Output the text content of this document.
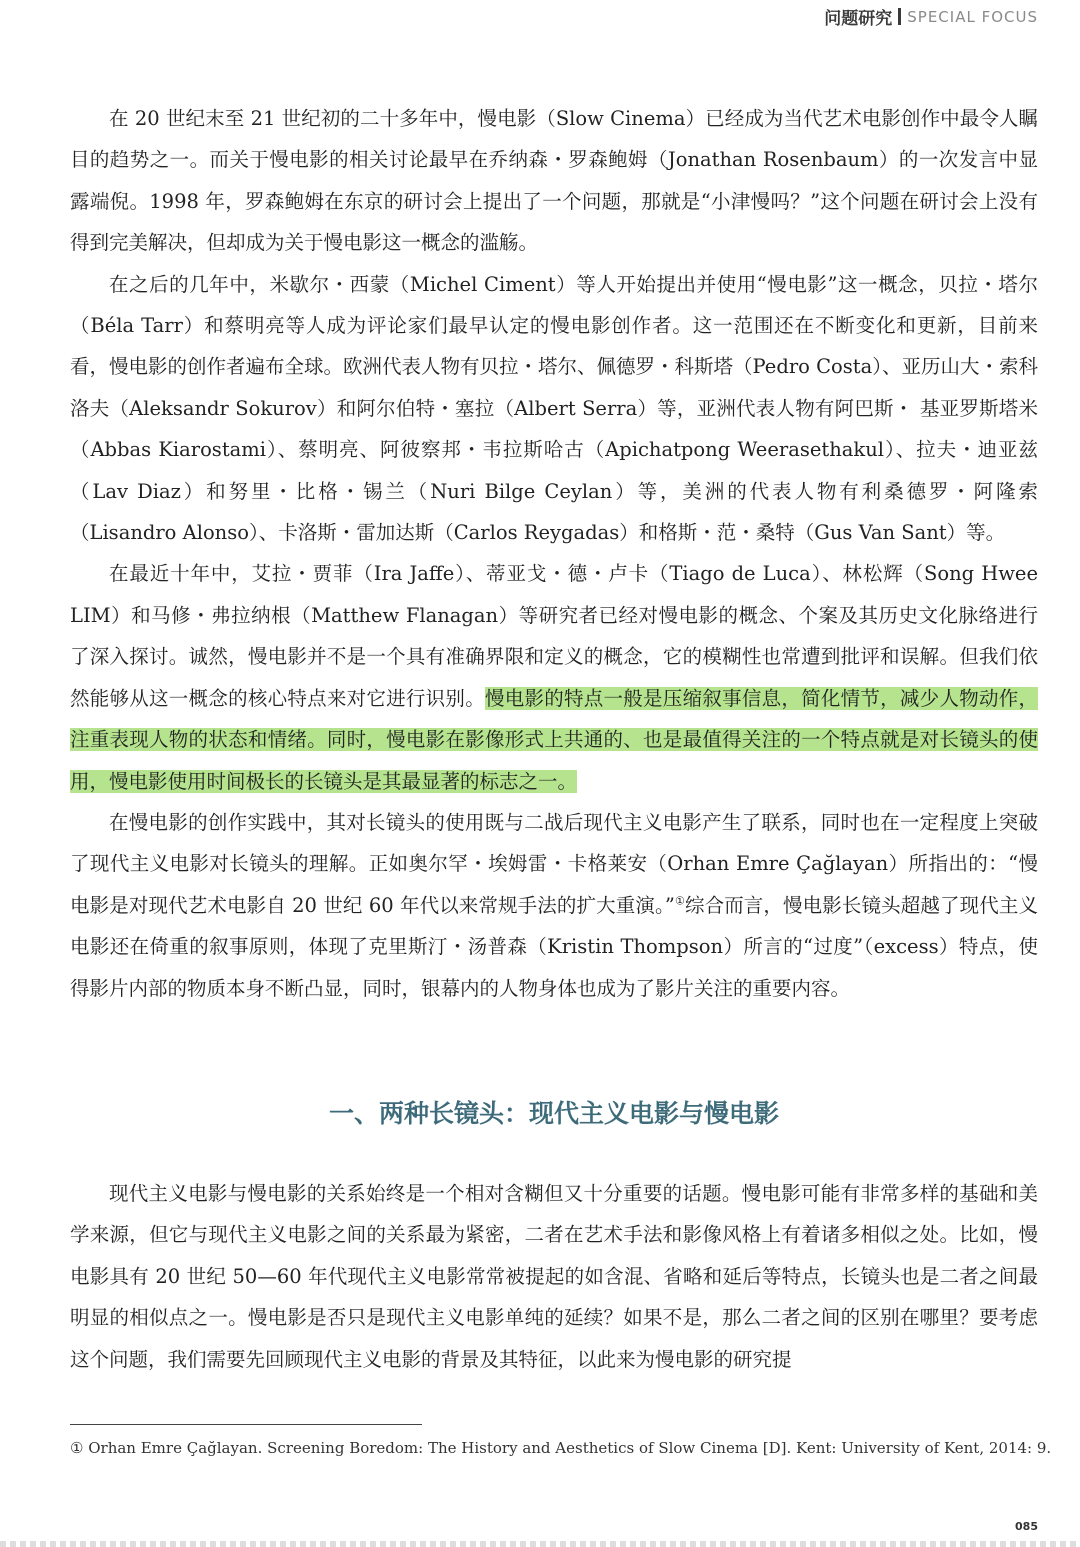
问题研究 SPECIAL FOCUS

在 20 世纪末至 21 世纪初的二十多年中，慢电影（Slow Cinema）已经成为当代艺术电影创作中最令人瞩目的趋势之一。而关于慢电影的相关讨论最早在乔纳森・罗森鲍姆（Jonathan Rosenbaum）的一次发言中显露端倪。1998 年，罗森鲍姆在东京的研讨会上提出了一个问题，那就是“小津慢吗？”这个问题在研讨会上没有得到完美解决，但却成为关于慢电影这一概念的滥觞。

在之后的几年中，米歇尔・西蒙（Michel Ciment）等人开始提出并使用“慢电影”这一概念，贝拉・塔尔（Béla Tarr）和蔡明亮等人成为评论家们最早认定的慢电影创作者。这一范围还在不断变化和更新，目前来看，慢电影的创作者遍布全球。欧洲代表人物有贝拉・塔尔、佩德罗・科斯塔（Pedro Costa）、亚历山大・索科洛夫（Aleksandr Sokurov）和阿尔伯特・塞拉（Albert Serra）等，亚洲代表人物有阿巴斯・ 基亚罗斯塔米（Abbas Kiarostami）、蔡明亮、阿彼察邦・韦拉斯哈古（Apichatpong Weerasethakul）、拉夫・迪亚兹（Lav Diaz）和努里・比格・锡兰（Nuri Bilge Ceylan）等，美洲的代表人物有利桑德罗・阿隆索（Lisandro Alonso）、卡洛斯・雷加达斯（Carlos Reygadas）和格斯・范・桑特（Gus Van Sant）等。

在最近十年中，艾拉・贾菲（Ira Jaffe）、蒂亚戈・德・卢卡（Tiago de Luca）、林松辉（Song Hwee LIM）和马修・弗拉纳根（Matthew Flanagan）等研究者已经对慢电影的概念、个案及其历史文化脉络进行了深入探讨。诚然，慢电影并不是一个具有准确界限和定义的概念，它的模糊性也常遭到批评和误解。但我们依然能够从这一概念的核心特点来对它进行识别。慢电影的特点一般是压缩叙事信息，简化情节，减少人物动作，注重表现人物的状态和情绪。同时，慢电影在影像形式上共通的、也是最值得关注的一个特点就是对长镜头的使用，慢电影使用时间极长的长镜头是其最显著的标志之一。

在慢电影的创作实践中，其对长镜头的使用既与二战后现代主义电影产生了联系，同时也在一定程度上突破了现代主义电影对长镜头的理解。正如奥尔罕・埃姆雷・卡格莱安（Orhan Emre Çağlayan）所指出的：“慢电影是对现代艺术电影自 20 世纪 60 年代以来常规手法的扩大重演。”①综合而言，慢电影长镜头超越了现代主义电影还在倚重的叙事原则，体现了克里斯汀・汤普森（Kristin Thompson）所言的“过度”（excess）特点，使得影片内部的物质本身不断凸显，同时，银幕内的人物身体也成为了影片关注的重要内容。

一、两种长镜头：现代主义电影与慢电影

现代主义电影与慢电影的关系始终是一个相对含糊但又十分重要的话题。慢电影可能有非常多样的基础和美学来源，但它与现代主义电影之间的关系最为紧密，二者在艺术手法和影像风格上有着诸多相似之处。比如，慢电影具有 20 世纪 50—60 年代现代主义电影常常被提起的如含混、省略和延后等特点，长镜头也是二者之间最明显的相似点之一。慢电影是否只是现代主义电影单纯的延续？如果不是，那么二者之间的区别在哪里？要考虑这个问题，我们需要先回顾现代主义电影的背景及其特征，以此来为慢电影的研究提

① Orhan Emre Çağlayan. Screening Boredom: The History and Aesthetics of Slow Cinema [D]. Kent: University of Kent, 2014: 9.
085
